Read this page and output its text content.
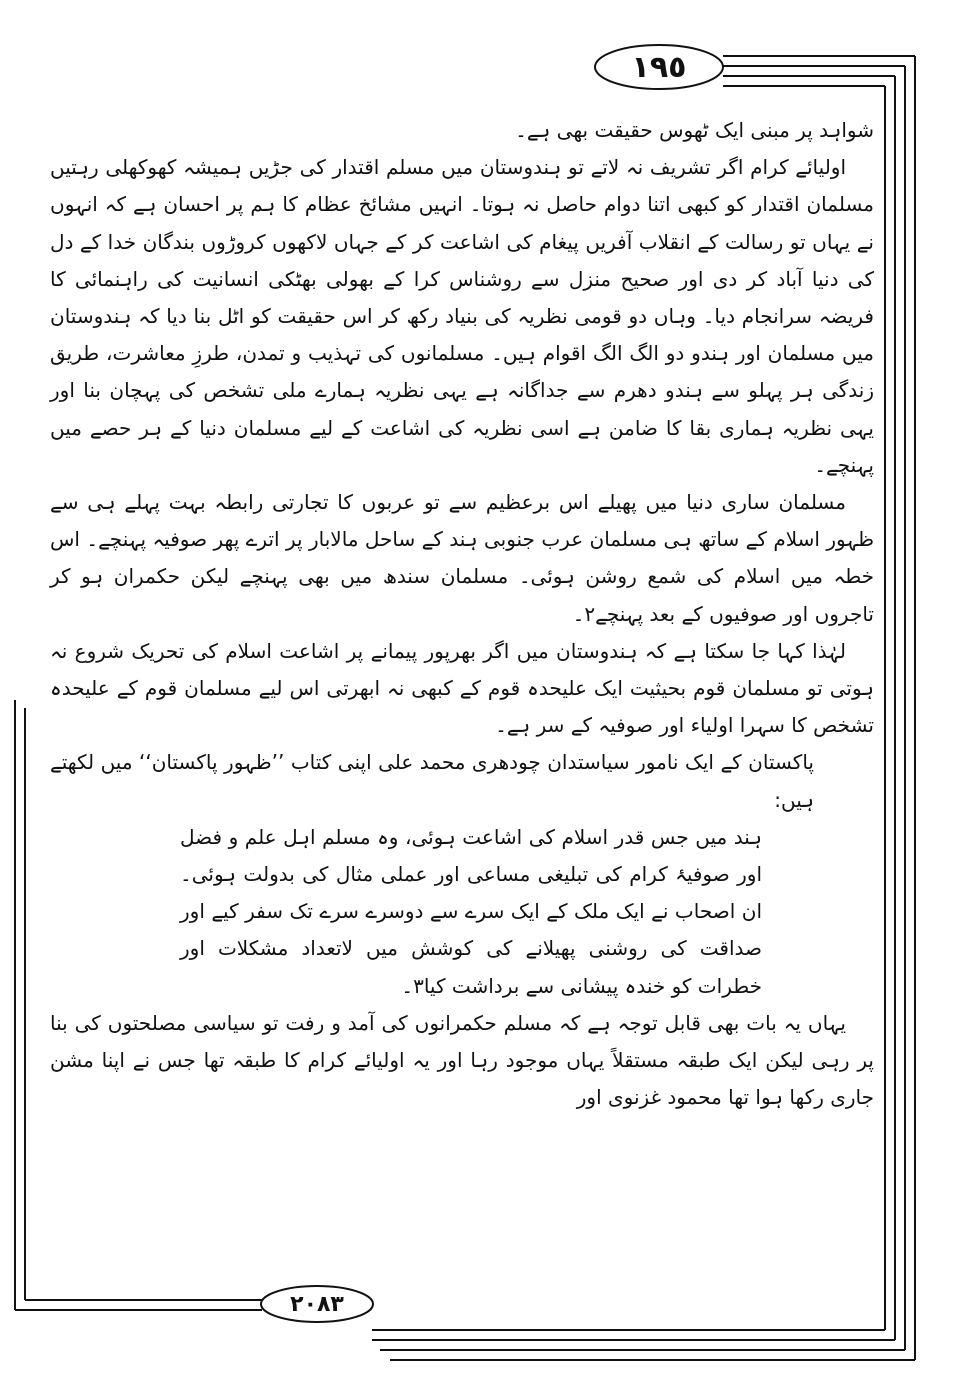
١٩٥

شواہد پر مبنی ایک ٹھوس حقیقت بھی ہے۔

اولیائے کرام اگر تشریف نہ لاتے تو ہندوستان میں مسلم اقتدار کی جڑیں ہمیشہ کھوکھلی رہتیں مسلمان اقتدار کو کبھی اتنا دوام حاصل نہ ہوتا۔ انہیں مشائخ عظام کا ہم پر احسان ہے کہ انہوں نے یہاں تو رسالت کے انقلاب آفریں پیغام کی اشاعت کر کے جہاں لاکھوں کروڑوں بندگان خدا کے دل کی دنیا آباد کر دی اور صحیح منزل سے روشناس کرا کے بھولی بھٹکی انسانیت کی راہنمائی کا فریضہ سرانجام دیا۔ وہاں دو قومی نظریہ کی بنیاد رکھ کر اس حقیقت کو اٹل بنا دیا کہ ہندوستان میں مسلمان اور ہندو دو الگ الگ اقوام ہیں۔ مسلمانوں کی تہذیب و تمدن، طرزِ معاشرت، طریق زندگی ہر پہلو سے ہندو دھرم سے جداگانہ ہے یہی نظریہ ہمارے ملی تشخص کی پہچان بنا اور یہی نظریہ ہماری بقا کا ضامن ہے اسی نظریہ کی اشاعت کے لیے مسلمان دنیا کے ہر حصے میں پہنچے۔

مسلمان ساری دنیا میں پھیلے اس برعظیم سے تو عربوں کا تجارتی رابطہ بہت پہلے ہی سے ظہور اسلام کے ساتھ ہی مسلمان عرب جنوبی ہند کے ساحل مالابار پر اترے پھر صوفیہ پہنچے۔ اس خطہ میں اسلام کی شمع روشن ہوئی۔ مسلمان سندھ میں بھی پہنچے لیکن حکمران ہو کر تاجروں اور صوفیوں کے بعد پہنچے۲۔

لہٰذا کہا جا سکتا ہے کہ ہندوستان میں اگر بھرپور پیمانے پر اشاعت اسلام کی تحریک شروع نہ ہوتی تو مسلمان قوم بحیثیت ایک علیحدہ قوم کے کبھی نہ ابھرتی اس لیے مسلمان قوم کے علیحدہ تشخص کا سہرا اولیاء اور صوفیہ کے سر ہے۔

پاکستان کے ایک نامور سیاستدان چودھری محمد علی اپنی کتاب ’’ظہور پاکستان‘‘ میں لکھتے ہیں:

ہند میں جس قدر اسلام کی اشاعت ہوئی، وہ مسلم اہل علم و فضل اور صوفیۂ کرام کی تبلیغی مساعی اور عملی مثال کی بدولت ہوئی۔ ان اصحاب نے ایک ملک کے ایک سرے سے دوسرے سرے تک سفر کیے اور صداقت کی روشنی پھیلانے کی کوشش میں لاتعداد مشکلات اور خطرات کو خندہ پیشانی سے برداشت کیا۳۔

یہاں یہ بات بھی قابل توجہ ہے کہ مسلم حکمرانوں کی آمد و رفت تو سیاسی مصلحتوں کی بنا پر رہی لیکن ایک طبقہ مستقلاً یہاں موجود رہا اور یہ اولیائے کرام کا طبقہ تھا جس نے اپنا مشن جاری رکھا ہوا تھا محمود غزنوی اور

٢٠٨٣
